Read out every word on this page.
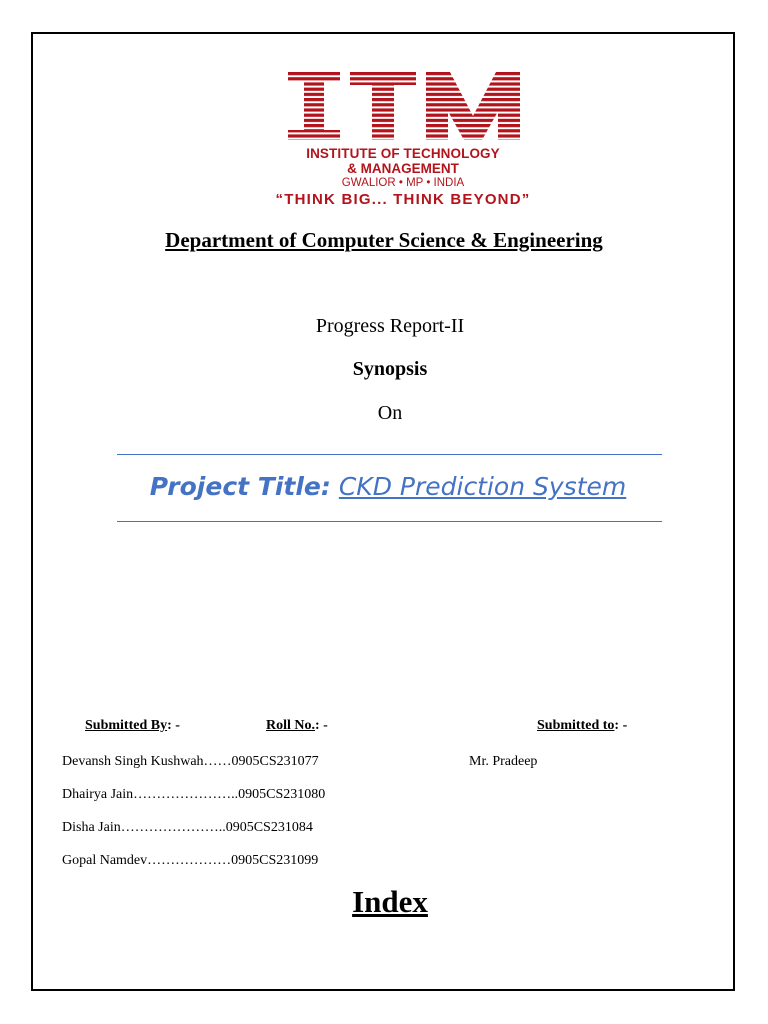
INSTITUTE OF TECHNOLOGY
& MANAGEMENT
GWALIOR • MP • INDIA
“THINK BIG... THINK BEYOND”
Department of Computer Science & Engineering
Progress Report-II
Synopsis
On
Project Title: CKD Prediction System
Submitted By: -	Roll No.: -	Submitted to: -
Devansh Singh Kushwah……0905CS231077
Dhairya Jain…………………..0905CS231080
Disha Jain…………………..0905CS231084
Gopal Namdev………………0905CS231099
Mr. Pradeep
Index
